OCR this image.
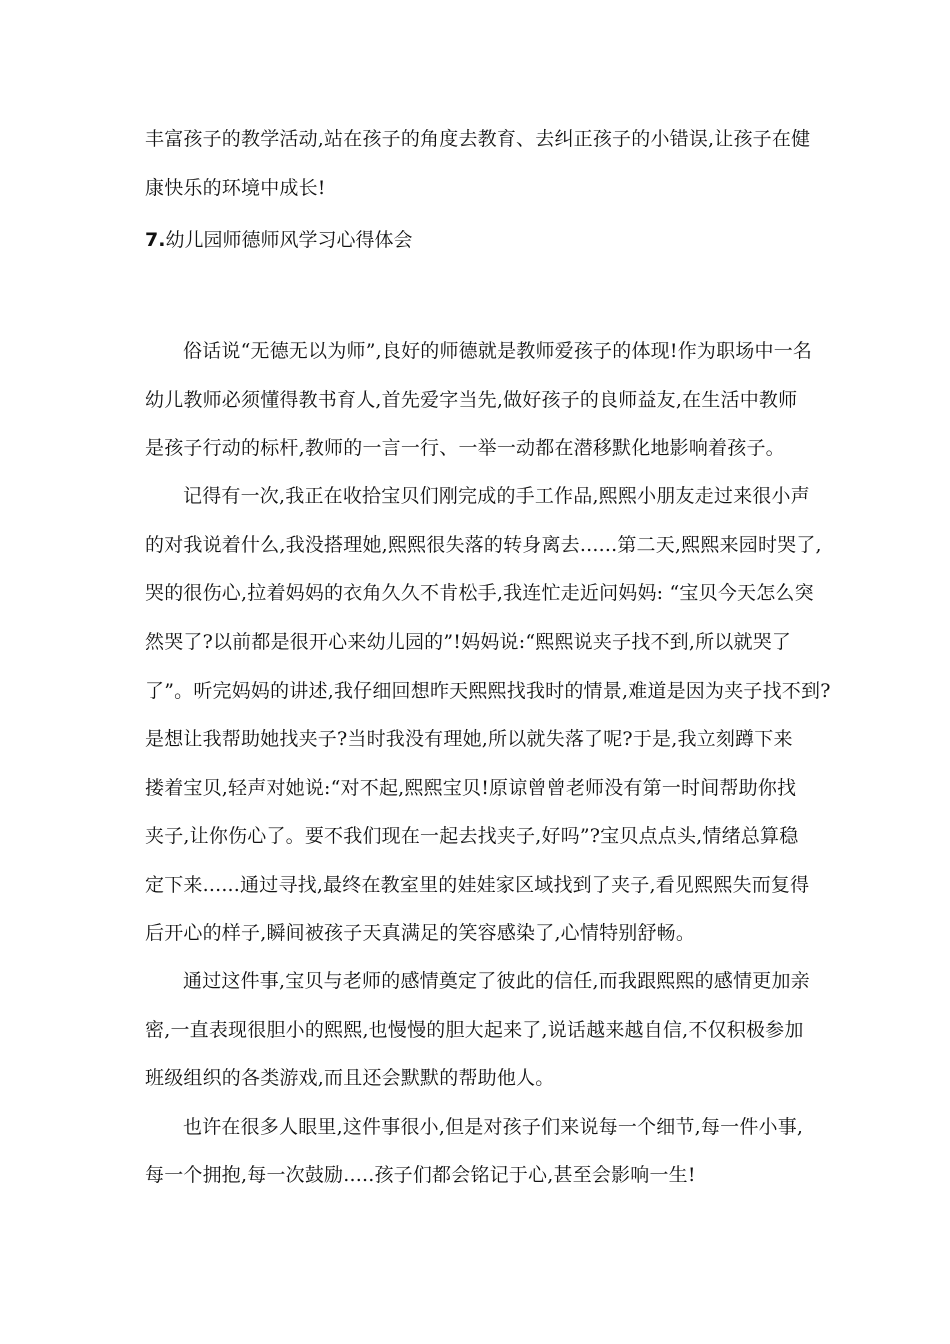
丰富孩子的教学活动,站在孩子的角度去教育、去纠正孩子的小错误,让孩子在健
康快乐的环境中成长!
7.幼儿园师德师风学习心得体会
俗话说“无德无以为师”,良好的师德就是教师爱孩子的体现!作为职场中一名
幼儿教师必须懂得教书育人,首先爱字当先,做好孩子的良师益友,在生活中教师
是孩子行动的标杆,教师的一言一行、一举一动都在潜移默化地影响着孩子。
记得有一次,我正在收拾宝贝们刚完成的手工作品,熙熙小朋友走过来很小声
的对我说着什么,我没搭理她,熙熙很失落的转身离去......第二天,熙熙来园时哭了,
哭的很伤心,拉着妈妈的衣角久久不肯松手,我连忙走近问妈妈: “宝贝今天怎么突
然哭了?以前都是很开心来幼儿园的”!妈妈说:“熙熙说夹子找不到,所以就哭了
了”。听完妈妈的讲述,我仔细回想昨天熙熙找我时的情景,难道是因为夹子找不到?
是想让我帮助她找夹子?当时我没有理她,所以就失落了呢?于是,我立刻蹲下来
搂着宝贝,轻声对她说:“对不起,熙熙宝贝!原谅曾曾老师没有第一时间帮助你找
夹子,让你伤心了。要不我们现在一起去找夹子,好吗”?宝贝点点头,情绪总算稳
定下来......通过寻找,最终在教室里的娃娃家区域找到了夹子,看见熙熙失而复得
后开心的样子,瞬间被孩子天真满足的笑容感染了,心情特别舒畅。
通过这件事,宝贝与老师的感情奠定了彼此的信任,而我跟熙熙的感情更加亲
密,一直表现很胆小的熙熙,也慢慢的胆大起来了,说话越来越自信,不仅积极参加
班级组织的各类游戏,而且还会默默的帮助他人。
也许在很多人眼里,这件事很小,但是对孩子们来说每一个细节,每一件小事,
每一个拥抱,每一次鼓励.....孩子们都会铭记于心,甚至会影响一生!
